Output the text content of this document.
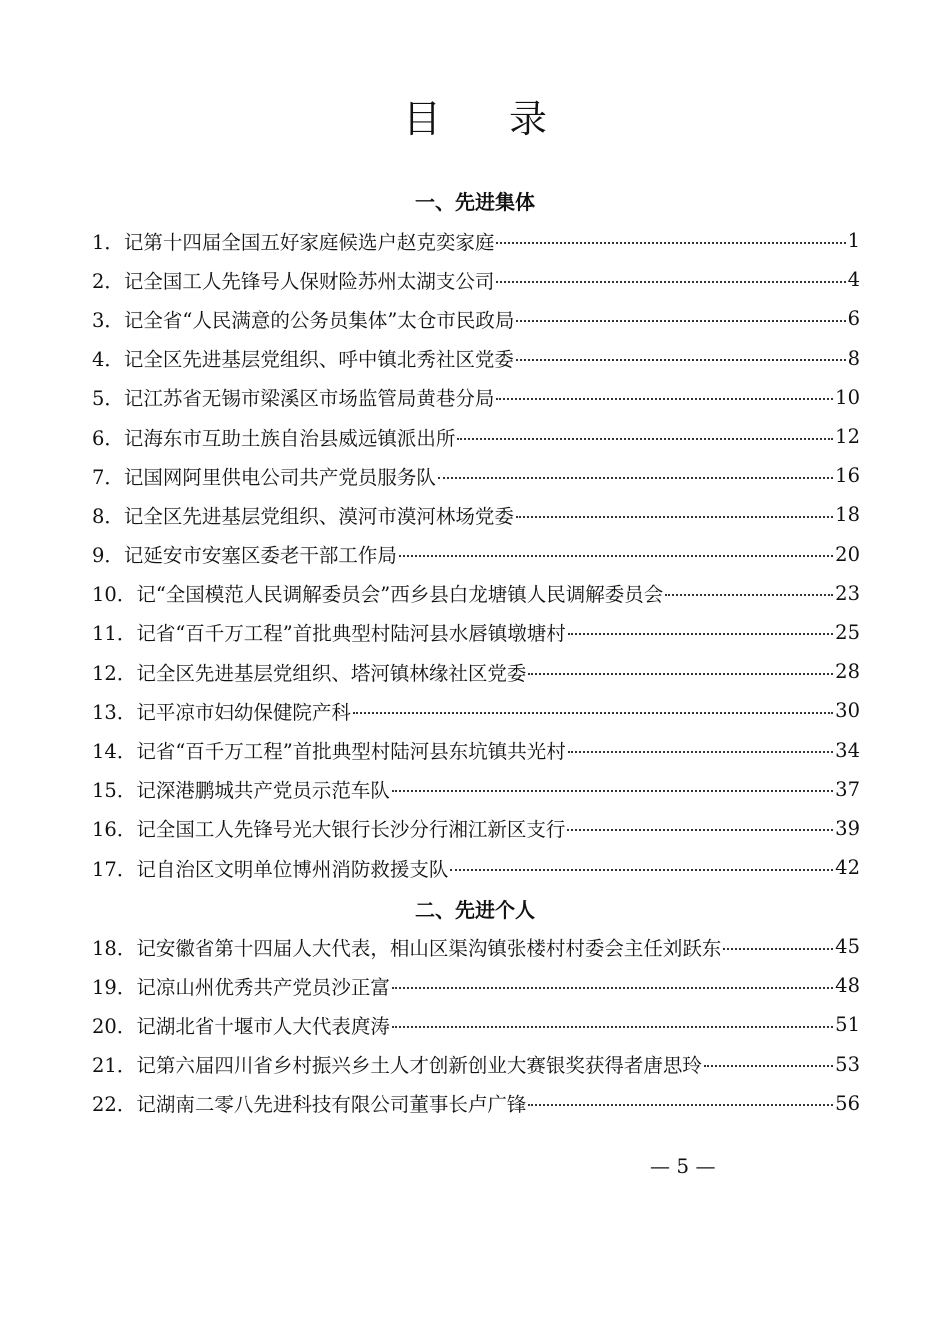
目 录
一、先进集体
1． 记第十四届全国五好家庭候选户赵克奕家庭	1
2． 记全国工人先锋号人保财险苏州太湖支公司	4
3． 记全省“人民满意的公务员集体”太仓市民政局	6
4． 记全区先进基层党组织、呼中镇北秀社区党委	8
5． 记江苏省无锡市梁溪区市场监管局黄巷分局	10
6． 记海东市互助土族自治县威远镇派出所	12
7． 记国网阿里供电公司共产党员服务队	16
8． 记全区先进基层党组织、漠河市漠河林场党委	18
9． 记延安市安塞区委老干部工作局	20
10． 记“全国模范人民调解委员会”西乡县白龙塘镇人民调解委员会	23
11． 记省“百千万工程”首批典型村陆河县水唇镇墩塘村	25
12． 记全区先进基层党组织、塔河镇林缘社区党委	28
13． 记平凉市妇幼保健院产科	30
14． 记省“百千万工程”首批典型村陆河县东坑镇共光村	34
15． 记深港鹏城共产党员示范车队	37
16． 记全国工人先锋号光大银行长沙分行湘江新区支行	39
17． 记自治区文明单位博州消防救援支队	42
二、先进个人
18． 记安徽省第十四届人大代表，相山区渠沟镇张楼村村委会主任刘跃东	45
19． 记凉山州优秀共产党员沙正富	48
20． 记湖北省十堰市人大代表庹涛	51
21． 记第六届四川省乡村振兴乡土人才创新创业大赛银奖获得者唐思玲	53
22． 记湖南二零八先进科技有限公司董事长卢广锋	56
— 5 —
